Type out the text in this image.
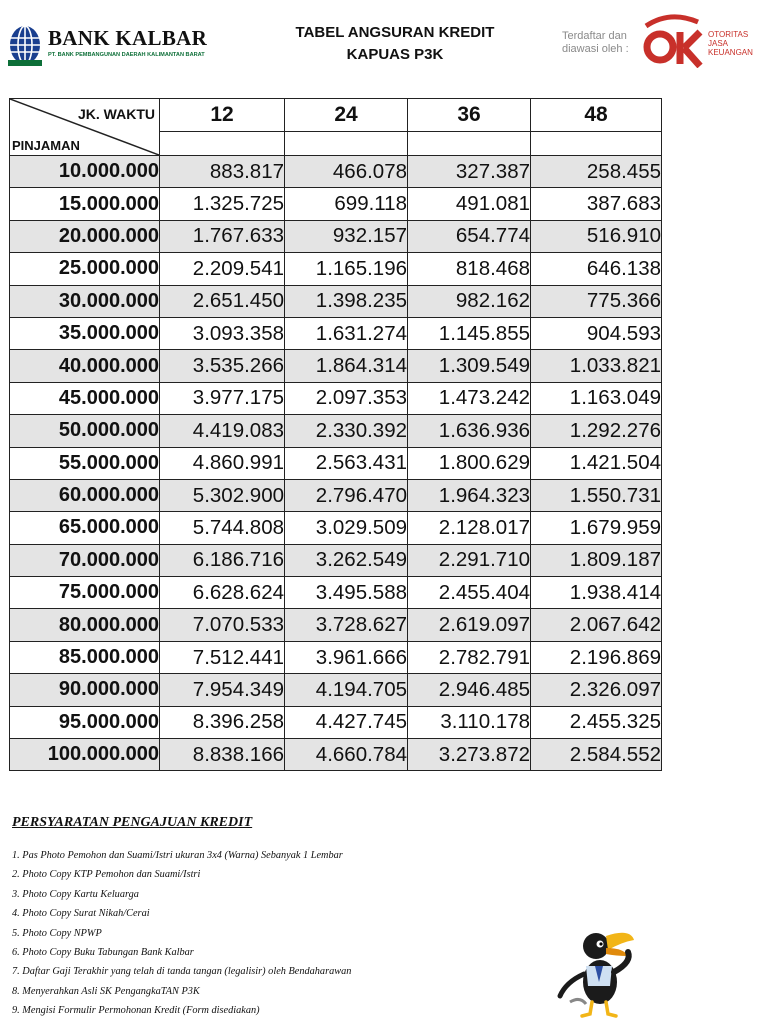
BANK KALBAR
PT. BANK PEMBANGUNAN DAERAH KALIMANTAN BARAT
TABEL ANGSURAN KREDIT
KAPUAS P3K
Terdaftar dan
diawasi oleh :
OTORITAS
JASA
KEUANGAN
JK. WAKTU
PINJAMAN	12	24	36	48

10.000.000	883.817	466.078	327.387	258.455
15.000.000	1.325.725	699.118	491.081	387.683
20.000.000	1.767.633	932.157	654.774	516.910
25.000.000	2.209.541	1.165.196	818.468	646.138
30.000.000	2.651.450	1.398.235	982.162	775.366
35.000.000	3.093.358	1.631.274	1.145.855	904.593
40.000.000	3.535.266	1.864.314	1.309.549	1.033.821
45.000.000	3.977.175	2.097.353	1.473.242	1.163.049
50.000.000	4.419.083	2.330.392	1.636.936	1.292.276
55.000.000	4.860.991	2.563.431	1.800.629	1.421.504
60.000.000	5.302.900	2.796.470	1.964.323	1.550.731
65.000.000	5.744.808	3.029.509	2.128.017	1.679.959
70.000.000	6.186.716	3.262.549	2.291.710	1.809.187
75.000.000	6.628.624	3.495.588	2.455.404	1.938.414
80.000.000	7.070.533	3.728.627	2.619.097	2.067.642
85.000.000	7.512.441	3.961.666	2.782.791	2.196.869
90.000.000	7.954.349	4.194.705	2.946.485	2.326.097
95.000.000	8.396.258	4.427.745	3.110.178	2.455.325
100.000.000	8.838.166	4.660.784	3.273.872	2.584.552
PERSYARATAN PENGAJUAN KREDIT
1. Pas Photo Pemohon dan Suami/Istri ukuran 3x4 (Warna) Sebanyak 1 Lembar
2. Photo Copy KTP Pemohon dan Suami/Istri
3. Photo Copy Kartu Keluarga
4. Photo Copy Surat Nikah/Cerai
5. Photo Copy NPWP
6. Photo Copy Buku Tabungan Bank Kalbar
7. Daftar Gaji Terakhir yang telah di tanda tangan (legalisir) oleh Bendaharawan
8. Menyerahkan Asli SK PengangkaTAN P3K
9. Mengisi Formulir Permohonan Kredit (Form disediakan)
